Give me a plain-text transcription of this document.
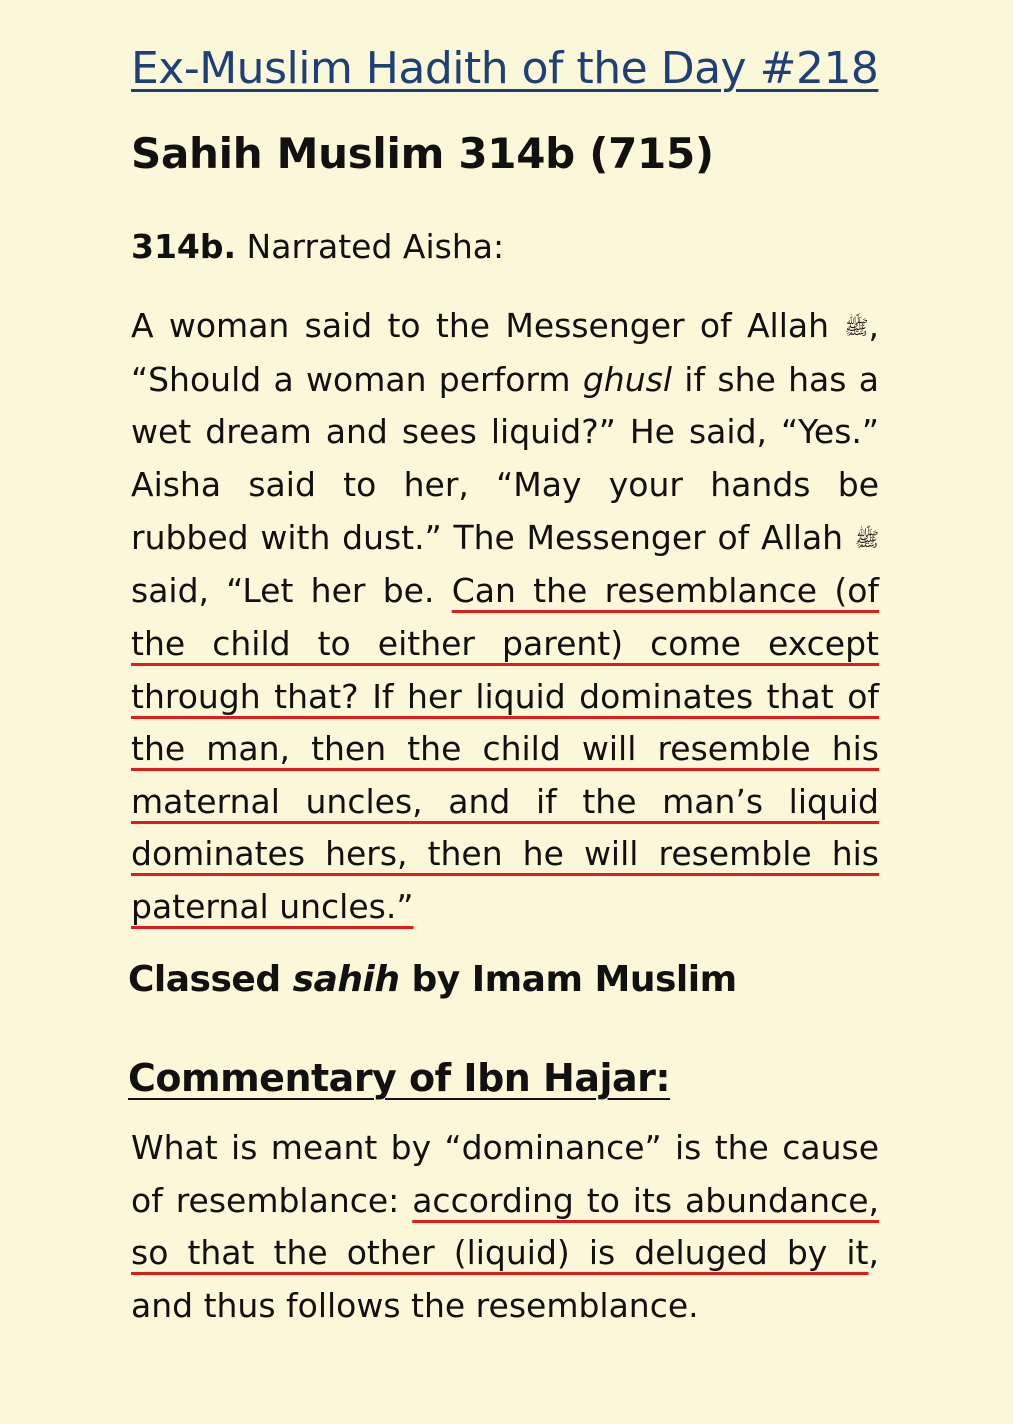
Ex-Muslim Hadith of the Day #218
Sahih Muslim 314b (715)
314b. Narrated Aisha:
A woman said to the Messenger of Allah ﷺ, “Should a woman perform ghusl if she has a wet dream and sees liquid?” He said, “Yes.” Aisha said to her, “May your hands be rubbed with dust.” The Messenger of Allah ﷺ said, “Let her be. Can the resemblance (of the child to either parent) come except through that? If her liquid dominates that of the man, then the child will resemble his maternal uncles, and if the man’s liquid dominates hers, then he will resemble his paternal uncles.”
Classed sahih by Imam Muslim
Commentary of Ibn Hajar:
What is meant by “dominance” is the cause of resemblance: according to its abundance, so that the other (liquid) is deluged by it, and thus follows the resemblance.
